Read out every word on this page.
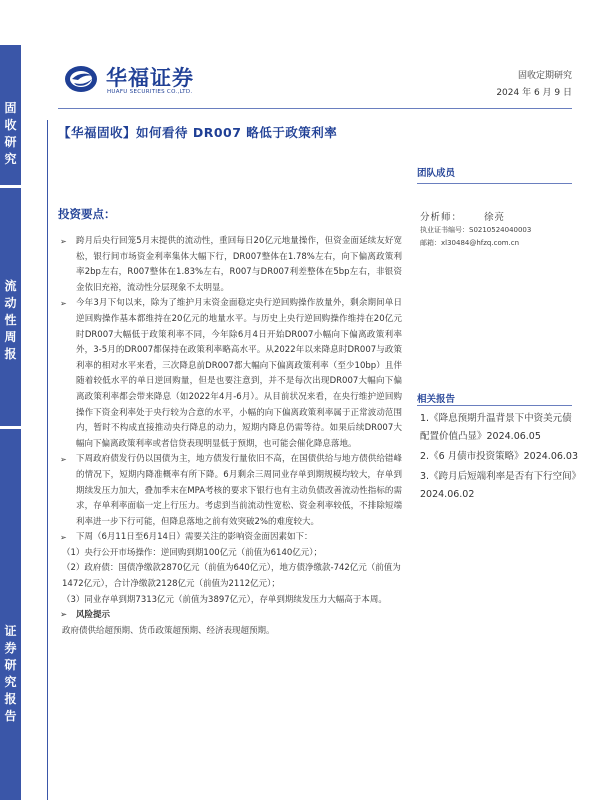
固
收
研
究
流
动
性
周
报
证
券
研
究
报
告
华福证券
HUAFU SECURITIES CO.,LTD.
固收定期研究
2024 年 6 月 9 日
【华福固收】如何看待 DR007 略低于政策利率
团队成员
分析师： 徐亮
执业证书编号：S0210524040003
邮箱：xl30484@hfzq.com.cn
投资要点：
➢ 跨月后央行回笼5月末提供的流动性，重回每日20亿元地量操作，但资金面延续友好宽松，银行间市场资金利率集体大幅下行，DR007整体在1.78%左右，向下偏离政策利率2bp左右，R007整体在1.83%左右，R007与DR007利差整体在5bp左右，非银资金依旧充裕，流动性分层现象不太明显。
➢ 今年3月下旬以来，除为了维护月末资金面稳定央行逆回购操作放量外，剩余期间单日逆回购操作基本都维持在20亿元的地量水平。与历史上央行逆回购操作维持在20亿元时DR007大幅低于政策利率不同，今年除6月4日开始DR007小幅向下偏离政策利率外，3-5月的DR007都保持在政策利率略高水平。从2022年以来降息时DR007与政策利率的相对水平来看，三次降息前DR007都大幅向下偏离政策利率（至少10bp）且伴随着较低水平的单日逆回购量，但是也要注意到，并不是每次出现DR007大幅向下偏离政策利率都会带来降息（如2022年4月-6月）。从目前状况来看，在央行维护逆回购操作下资金利率处于央行较为合意的水平，小幅的向下偏离政策利率属于正常波动范围内，暂时不构成直接推动央行降息的动力，短期内降息仍需等待。如果后续DR007大幅向下偏离政策利率或者信贷表现明显低于预期，也可能会催化降息落地。
➢ 下周政府债发行仍以国债为主，地方债发行量依旧不高，在国债供给与地方债供给错峰的情况下，短期内降准概率有所下降。6月剩余三周同业存单到期规模均较大，存单到期续发压力加大，叠加季末在MPA考核的要求下银行也有主动负债改善流动性指标的需求，存单利率面临一定上行压力。考虑到当前流动性宽松、资金利率较低，不排除短端利率进一步下行可能，但降息落地之前有效突破2%的难度较大。
➢ 下周（6月11日至6月14日）需要关注的影响资金面因素如下：
（1）央行公开市场操作：逆回购到期100亿元（前值为6140亿元）；
（2）政府债：国债净缴款2870亿元（前值为640亿元），地方债净缴款-742亿元（前值为1472亿元），合计净缴款2128亿元（前值为2112亿元）；
（3）同业存单到期7313亿元（前值为3897亿元），存单到期续发压力大幅高于本周。
➢ 风险提示
政府债供给超预期、货币政策超预期、经济表现超预期。
相关报告
1.《降息预期升温背景下中资美元债配置价值凸显》2024.06.05
2.《6 月债市投资策略》2024.06.03
3.《跨月后短端利率是否有下行空间》2024.06.02
